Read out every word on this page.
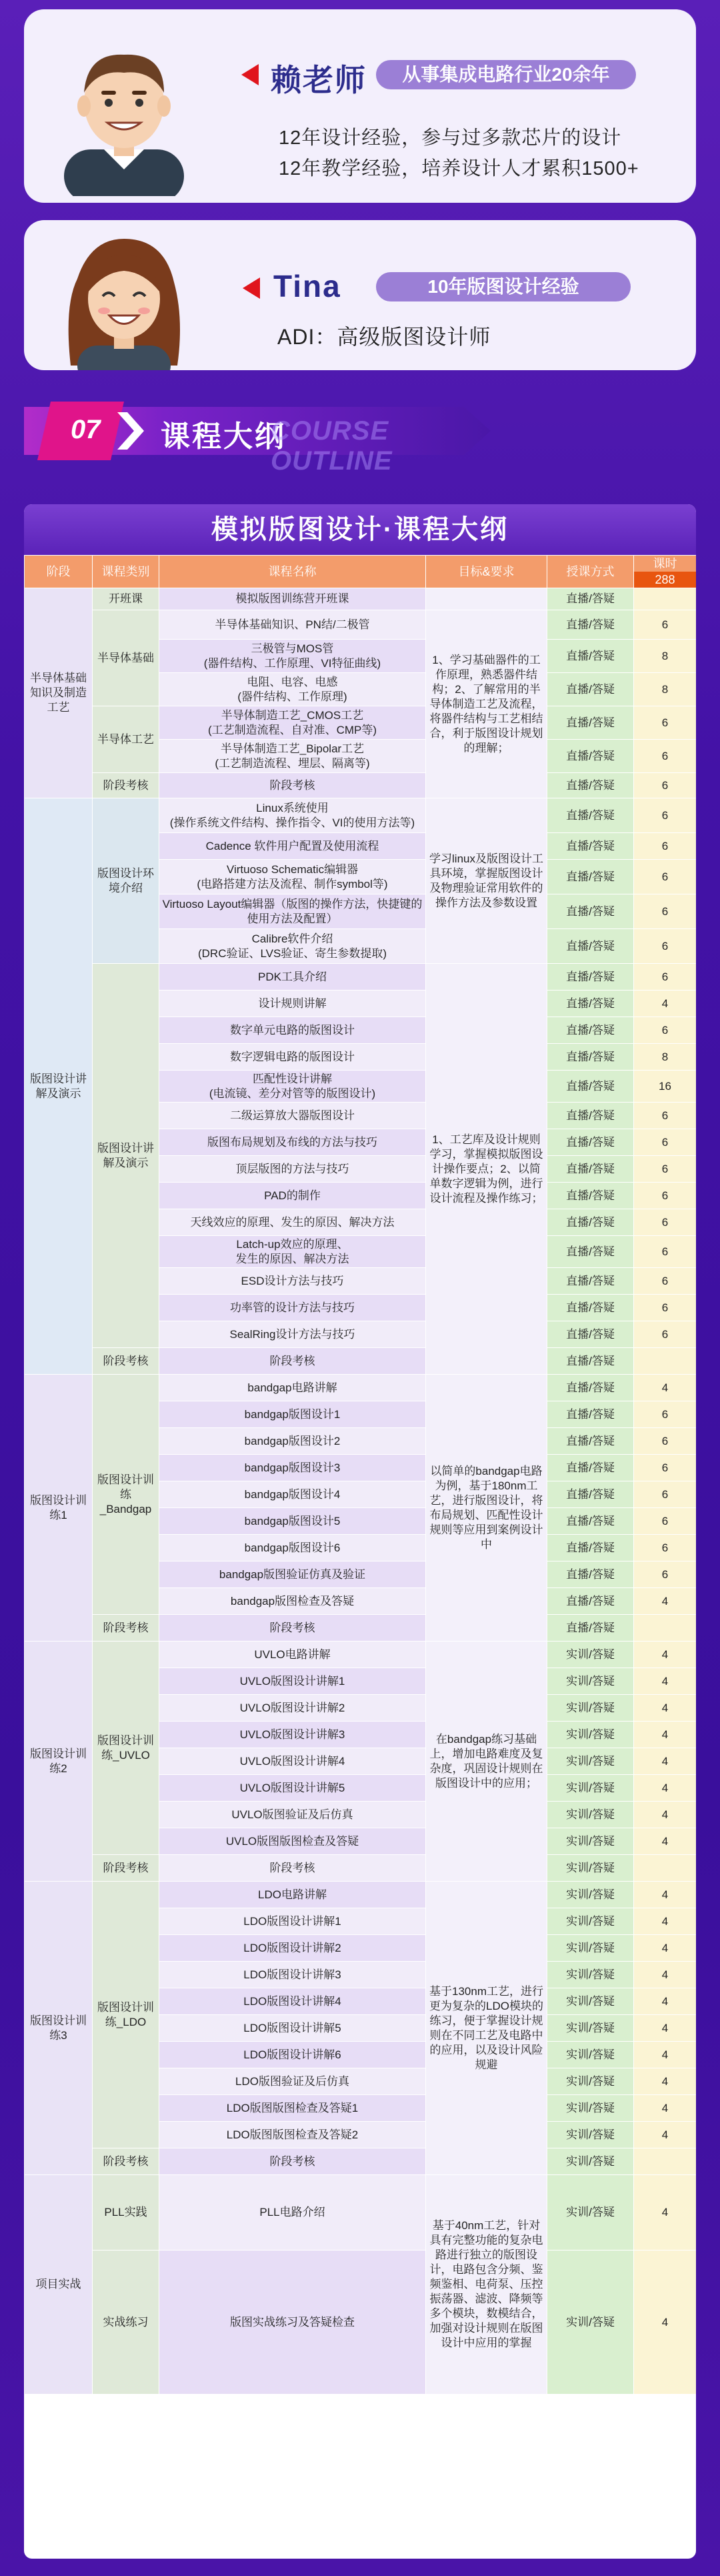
赖老师	从事集成电路行业20余年
12年设计经验，参与过多款芯片的设计
12年教学经验，培养设计人才累积1500+
Tina	10年版图设计经验
ADI：高级版图设计师
07 课程大纲
COURSE OUTLINE
模拟版图设计·课程大纲
阶段	课程类别	课程名称	目标&要求	授课方式	课时
288

半导体基础知识及制造工艺	开班课	模拟版图训练营开班课		直播/答疑	
	半导体基础	半导体基础知识、PN结/二极管	1、学习基础器件的工作原理，熟悉器件结构；2、了解常用的半导体制造工艺及流程，将器件结构与工艺相结合，利于版图设计规划的理解；	直播/答疑	6
		三极管与MOS管
(器件结构、工作原理、VI特征曲线)		直播/答疑	8
		电阻、电容、电感
(器件结构、工作原理)		直播/答疑	8
	半导体工艺	半导体制造工艺_CMOS工艺
(工艺制造流程、自对准、CMP等)		直播/答疑	6
		半导体制造工艺_Bipolar工艺
(工艺制造流程、埋层、隔离等)		直播/答疑	6
	阶段考核	阶段考核		直播/答疑	6
版图设计讲解及演示	版图设计环境介绍	Linux系统使用
(操作系统文件结构、操作指令、VI的使用方法等)	学习linux及版图设计工具环境，掌握版图设计及物理验证常用软件的操作方法及参数设置	直播/答疑	6
		Cadence 软件用户配置及使用流程		直播/答疑	6
		Virtuoso Schematic编辑器
(电路搭建方法及流程、制作symbol等)		直播/答疑	6
		Virtuoso Layout编辑器（版图的操作方法，快捷键的使用方法及配置）		直播/答疑	6
		Calibre软件介绍
(DRC验证、LVS验证、寄生参数提取)		直播/答疑	6
	版图设计讲解及演示	PDK工具介绍	1、工艺库及设计规则学习，掌握模拟版图设计操作要点；2、以简单数字逻辑为例，进行设计流程及操作练习；	直播/答疑	6
		设计规则讲解		直播/答疑	4
		数字单元电路的版图设计		直播/答疑	6
		数字逻辑电路的版图设计		直播/答疑	8
		匹配性设计讲解
(电流镜、差分对管等的版图设计)		直播/答疑	16
		二级运算放大器版图设计		直播/答疑	6
		版图布局规划及布线的方法与技巧		直播/答疑	6
		顶层版图的方法与技巧		直播/答疑	6
		PAD的制作		直播/答疑	6
		天线效应的原理、发生的原因、解决方法		直播/答疑	6
		Latch-up效应的原理、
发生的原因、解决方法		直播/答疑	6
		ESD设计方法与技巧		直播/答疑	6
		功率管的设计方法与技巧		直播/答疑	6
		SealRing设计方法与技巧		直播/答疑	6
	阶段考核	阶段考核		直播/答疑	
版图设计训练1	版图设计训练_Bandgap	bandgap电路讲解	以简单的bandgap电路为例，基于180nm工艺，进行版图设计，将布局规划、匹配性设计规则等应用到案例设计中	直播/答疑	4
		bandgap版图设计1		直播/答疑	6
		bandgap版图设计2		直播/答疑	6
		bandgap版图设计3		直播/答疑	6
		bandgap版图设计4		直播/答疑	6
		bandgap版图设计5		直播/答疑	6
		bandgap版图设计6		直播/答疑	6
		bandgap版图验证仿真及验证		直播/答疑	6
		bandgap版图检查及答疑		直播/答疑	4
	阶段考核	阶段考核		直播/答疑	
版图设计训练2	版图设计训练_UVLO	UVLO电路讲解	在bandgap练习基础上，增加电路难度及复杂度，巩固设计规则在版图设计中的应用；	实训/答疑	4
		UVLO版图设计讲解1		实训/答疑	4
		UVLO版图设计讲解2		实训/答疑	4
		UVLO版图设计讲解3		实训/答疑	4
		UVLO版图设计讲解4		实训/答疑	4
		UVLO版图设计讲解5		实训/答疑	4
		UVLO版图验证及后仿真		实训/答疑	4
		UVLO版图版图检查及答疑		实训/答疑	4
	阶段考核	阶段考核		实训/答疑	
版图设计训练3	版图设计训练_LDO	LDO电路讲解	基于130nm工艺，进行更为复杂的LDO模块的练习，便于掌握设计规则在不同工艺及电路中的应用，以及设计风险规避	实训/答疑	4
		LDO版图设计讲解1		实训/答疑	4
		LDO版图设计讲解2		实训/答疑	4
		LDO版图设计讲解3		实训/答疑	4
		LDO版图设计讲解4		实训/答疑	4
		LDO版图设计讲解5		实训/答疑	4
		LDO版图设计讲解6		实训/答疑	4
		LDO版图验证及后仿真		实训/答疑	4
		LDO版图版图检查及答疑1		实训/答疑	4
		LDO版图版图检查及答疑2		实训/答疑	4
	阶段考核	阶段考核		实训/答疑	
项目实战	PLL实践	PLL电路介绍	基于40nm工艺，针对具有完整功能的复杂电路进行独立的版图设计，电路包含分频、鉴频鉴相、电荷泵、压控振荡器、滤波、降频等多个模块，数模结合，加强对设计规则在版图设计中应用的掌握	实训/答疑	4
	实战练习	版图实战练习及答疑检查		实训/答疑	4
